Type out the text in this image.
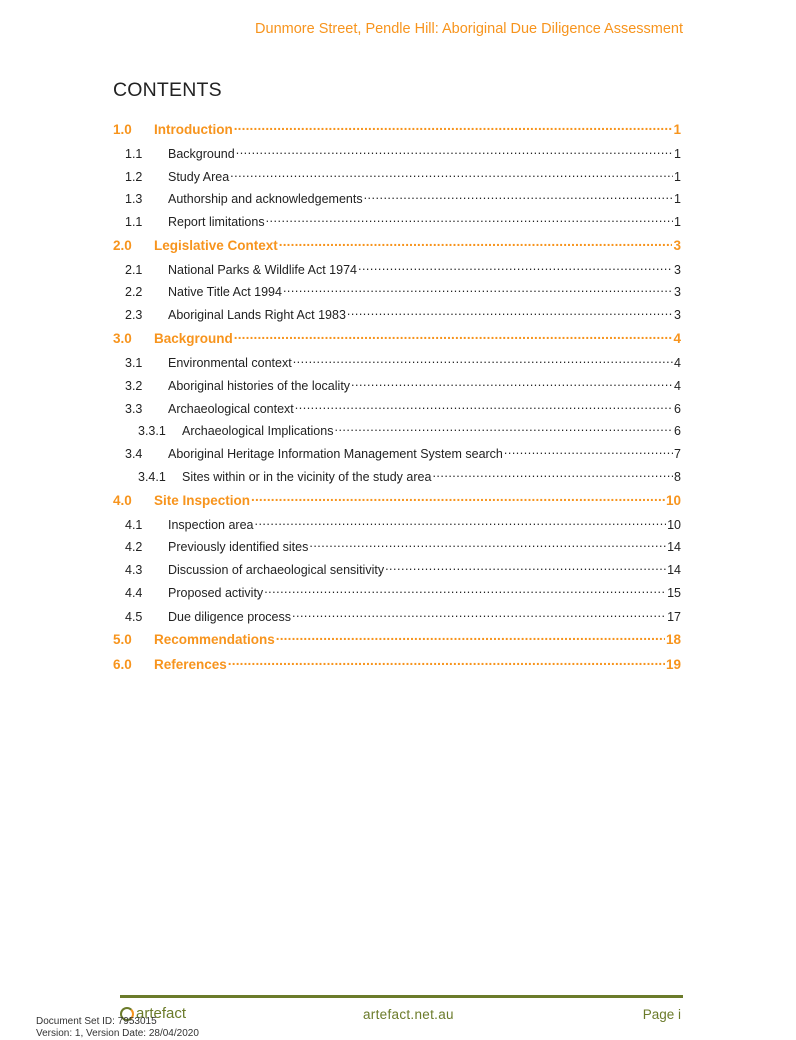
Dunmore Street, Pendle Hill: Aboriginal Due Diligence Assessment
CONTENTS
1.0	Introduction .....	1
1.1	Background .....	1
1.2	Study Area .....	1
1.3	Authorship and acknowledgements .....	1
1.1	Report limitations .....	1
2.0	Legislative Context .....	3
2.1	National Parks & Wildlife Act 1974 .....	3
2.2	Native Title Act 1994 .....	3
2.3	Aboriginal Lands Right Act 1983 .....	3
3.0	Background .....	4
3.1	Environmental context .....	4
3.2	Aboriginal histories of the locality .....	4
3.3	Archaeological context .....	6
3.3.1	Archaeological Implications .....	6
3.4	Aboriginal Heritage Information Management System search .....	7
3.4.1	Sites within or in the vicinity of the study area .....	8
4.0	Site Inspection .....	10
4.1	Inspection area .....	10
4.2	Previously identified sites .....	14
4.3	Discussion of archaeological sensitivity .....	14
4.4	Proposed activity .....	15
4.5	Due diligence process .....	17
5.0	Recommendations .....	18
6.0	References .....	19
artefact	artefact.net.au	Page i
Document Set ID: 7953015
Version: 1, Version Date: 28/04/2020
